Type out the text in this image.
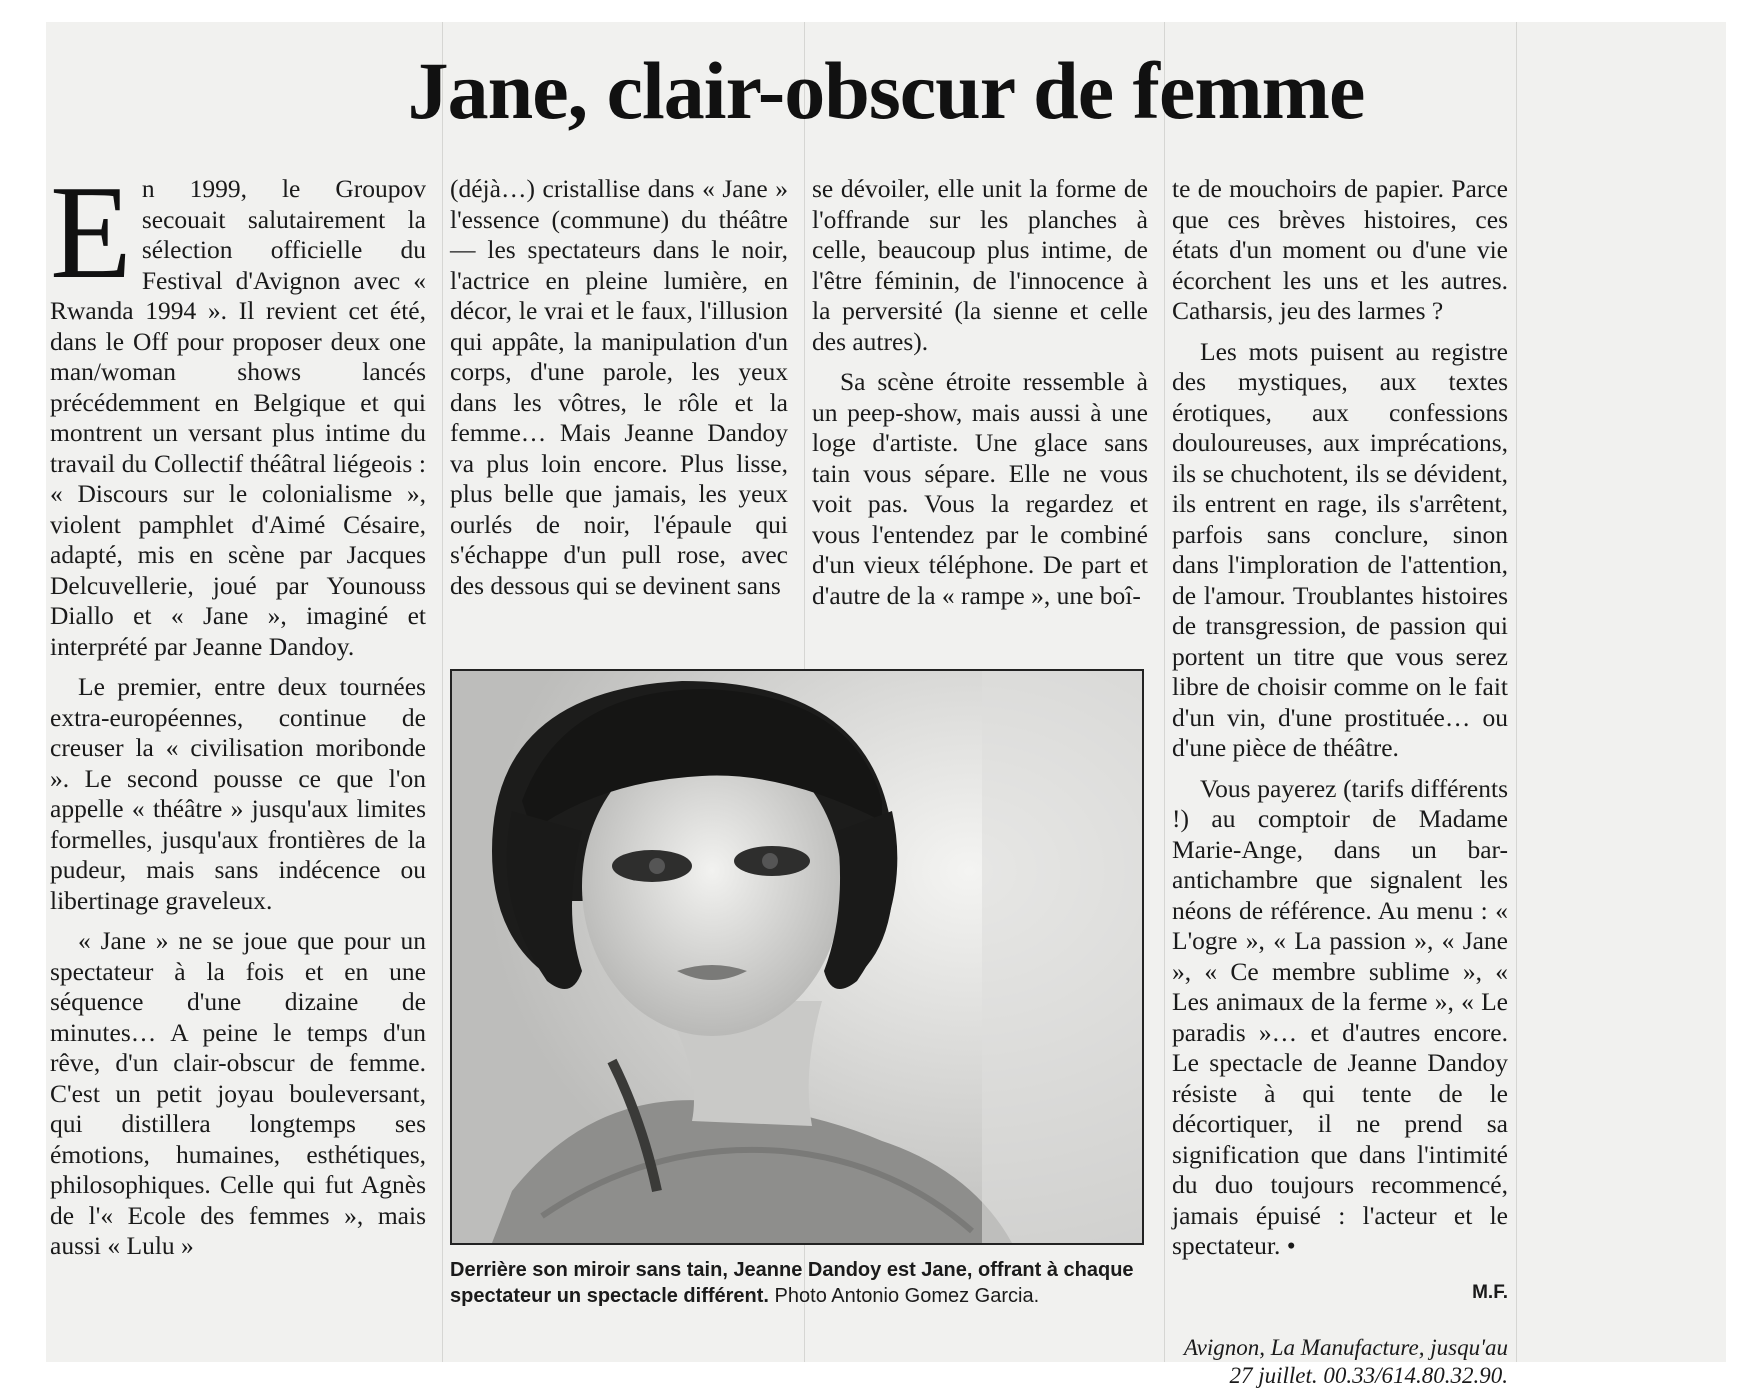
Jane, clair-obscur de femme

En 1999, le Groupov secouait salutairement la sélection officielle du Festival d'Avignon avec « Rwanda 1994 ». Il revient cet été, dans le Off pour proposer deux one man/woman shows lancés précédemment en Belgique et qui montrent un versant plus intime du travail du Collectif théâtral liégeois : « Discours sur le colonialisme », violent pamphlet d'Aimé Césaire, adapté, mis en scène par Jacques Delcuvellerie, joué par Younouss Diallo et « Jane », imaginé et interprété par Jeanne Dandoy.

Le premier, entre deux tournées extra-européennes, continue de creuser la « civilisation moribonde ». Le second pousse ce que l'on appelle « théâtre » jusqu'aux limites formelles, jusqu'aux frontières de la pudeur, mais sans indécence ou libertinage graveleux.

« Jane » ne se joue que pour un spectateur à la fois et en une séquence d'une dizaine de minutes… A peine le temps d'un rêve, d'un clair-obscur de femme. C'est un petit joyau bouleversant, qui distillera longtemps ses émotions, humaines, esthétiques, philosophiques. Celle qui fut Agnès de l'« Ecole des femmes », mais aussi « Lulu »

(déjà…) cristallise dans « Jane » l'essence (commune) du théâtre — les spectateurs dans le noir, l'actrice en pleine lumière, en décor, le vrai et le faux, l'illusion qui appâte, la manipulation d'un corps, d'une parole, les yeux dans les vôtres, le rôle et la femme… Mais Jeanne Dandoy va plus loin encore. Plus lisse, plus belle que jamais, les yeux ourlés de noir, l'épaule qui s'échappe d'un pull rose, avec des dessous qui se devinent sans

se dévoiler, elle unit la forme de l'offrande sur les planches à celle, beaucoup plus intime, de l'être féminin, de l'innocence à la perversité (la sienne et celle des autres).

Sa scène étroite ressemble à un peep-show, mais aussi à une loge d'artiste. Une glace sans tain vous sépare. Elle ne vous voit pas. Vous la regardez et vous l'entendez par le combiné d'un vieux téléphone. De part et d'autre de la « rampe », une boî-

te de mouchoirs de papier. Parce que ces brèves histoires, ces états d'un moment ou d'une vie écorchent les uns et les autres. Catharsis, jeu des larmes ?

Les mots puisent au registre des mystiques, aux textes érotiques, aux confessions douloureuses, aux imprécations, ils se chuchotent, ils se dévident, ils entrent en rage, ils s'arrêtent, parfois sans conclure, sinon dans l'imploration de l'attention, de l'amour. Troublantes histoires de transgression, de passion qui portent un titre que vous serez libre de choisir comme on le fait d'un vin, d'une prostituée… ou d'une pièce de théâtre.

Vous payerez (tarifs différents !) au comptoir de Madame Marie-Ange, dans un bar-antichambre que signalent les néons de référence. Au menu : « L'ogre », « La passion », « Jane », « Ce membre sublime », « Les animaux de la ferme », « Le paradis »… et d'autres encore. Le spectacle de Jeanne Dandoy résiste à qui tente de le décortiquer, il ne prend sa signification que dans l'intimité du duo toujours recommencé, jamais épuisé : l'acteur et le spectateur. •

M.F.
Avignon, La Manufacture, jusqu'au
27 juillet. 00.33/614.80.32.90.
Derrière son miroir sans tain, Jeanne Dandoy est Jane, offrant à chaque spectateur un spectacle différent. Photo Antonio Gomez Garcia.
